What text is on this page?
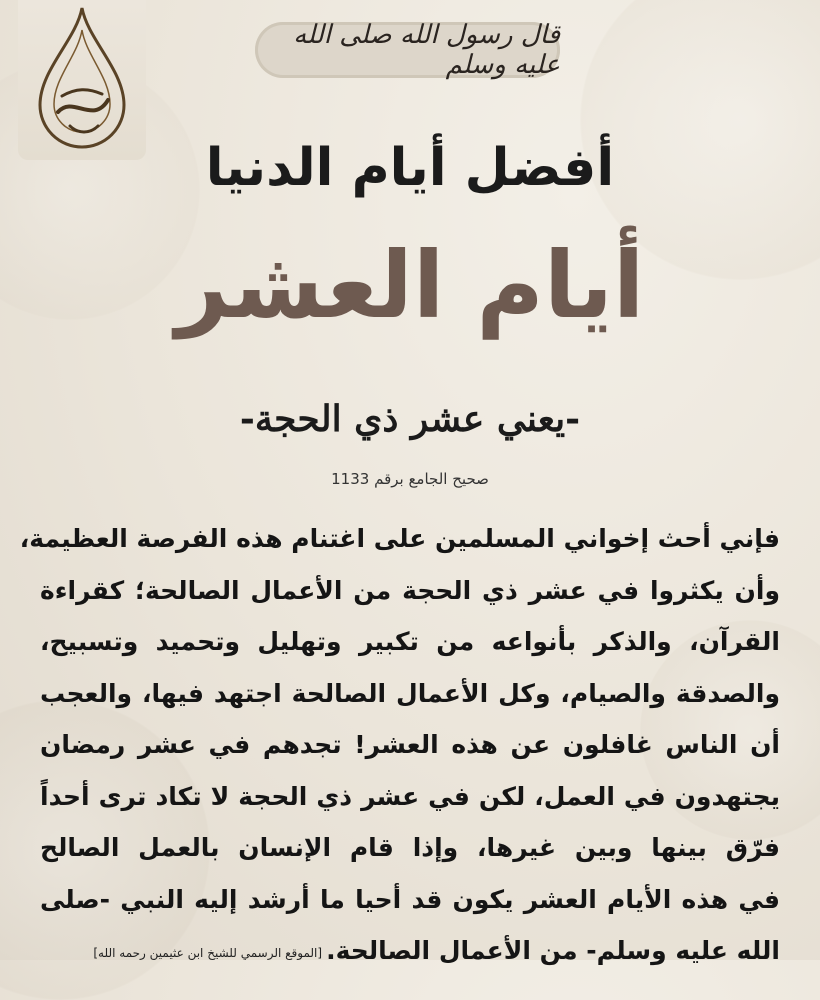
قال رسول الله صلى الله عليه وسلم
أفضل أيام الدنيا
أيام العشر
-يعني عشر ذي الحجة-
صحيح الجامع برقم 1133
فإني أحث إخواني المسلمين على اغتنام هذه الفرصة العظيمة،
وأن يكثروا في عشر ذي الحجة من الأعمال الصالحة؛ كقراءة
القرآن، والذكر بأنواعه من تكبير وتهليل وتحميد وتسبيح،
والصدقة والصيام، وكل الأعمال الصالحة اجتهد فيها، والعجب
أن الناس غافلون عن هذه العشر! تجدهم في عشر رمضان
يجتهدون في العمل، لكن في عشر ذي الحجة لا تكاد ترى أحداً
فرّق بينها وبين غيرها، وإذا قام الإنسان بالعمل الصالح
في هذه الأيام العشر يكون قد أحيا ما أرشد إليه النبي -صلى
الله عليه وسلم- من الأعمال الصالحة.[الموقع الرسمي للشيخ ابن عثيمين رحمه الله]
